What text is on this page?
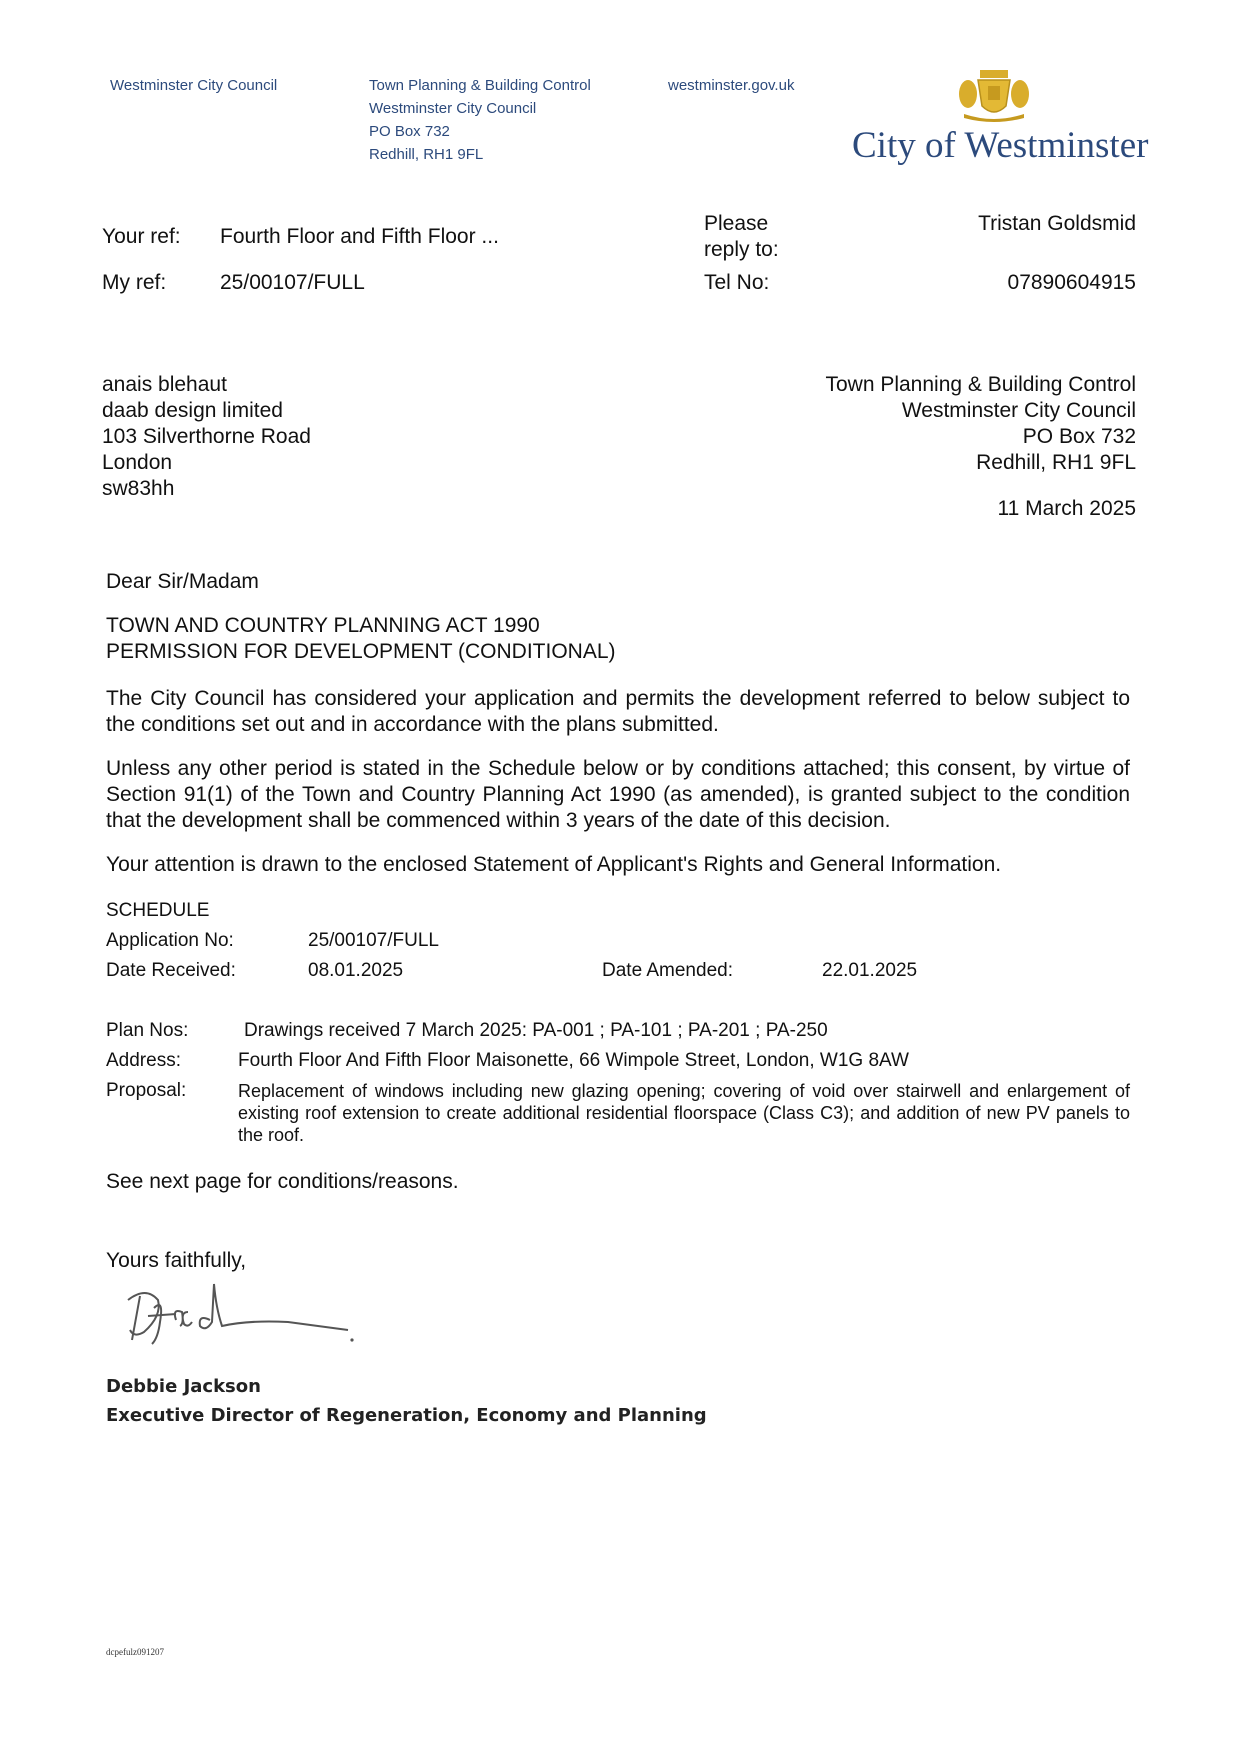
Westminster City Council	Town Planning & Building Control
Westminster City Council
PO Box 732
Redhill, RH1 9FL
westminster.gov.uk
City of Westminster
Your ref: Fourth Floor and Fifth Floor ...
My ref:	25/00107/FULL
Please
reply to:
Tristan Goldsmid
Tel No:	07890604915
anais blehaut
daab design limited
103 Silverthorne Road
London
sw83hh
Town Planning & Building Control
Westminster City Council
PO Box 732
Redhill, RH1 9FL
11 March 2025
Dear Sir/Madam
TOWN AND COUNTRY PLANNING ACT 1990
PERMISSION FOR DEVELOPMENT (CONDITIONAL)
The City Council has considered your application and permits the development referred to below subject to the conditions set out and in accordance with the plans submitted.
Unless any other period is stated in the Schedule below or by conditions attached; this consent, by virtue of Section 91(1) of the Town and Country Planning Act 1990 (as amended), is granted subject to the condition that the development shall be commenced within 3 years of the date of this decision.
Your attention is drawn to the enclosed Statement of Applicant's Rights and General Information.
SCHEDULE
Application No:	25/00107/FULL
Date Received:	08.01.2025	Date Amended:	22.01.2025
Plan Nos:	Drawings received 7 March 2025: PA-001 ; PA-101 ; PA-201 ; PA-250
Address:	Fourth Floor And Fifth Floor Maisonette, 66 Wimpole Street, London, W1G 8AW
Proposal:	Replacement of windows including new glazing opening; covering of void over stairwell and enlargement of existing roof extension to create additional residential floorspace (Class C3); and addition of new PV panels to the roof.
See next page for conditions/reasons.
Yours faithfully,
Debbie Jackson
Executive Director of Regeneration, Economy and Planning
dcpefulz091207
